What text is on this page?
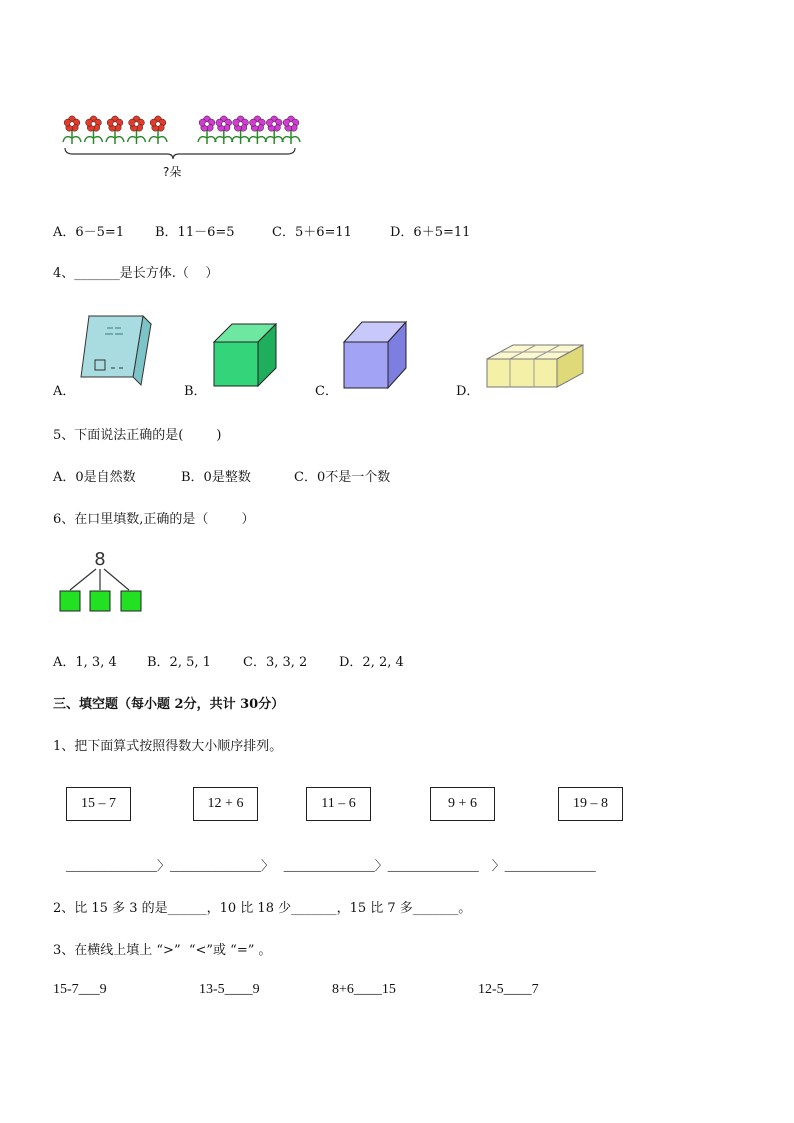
?朵
A．6－5=1 B．11－6=5	C．5＋6=11	D．6＋5=11
4、_______是长方体.（    ）
A．	B．	C．	D．
5、下面说法正确的是(        )
A．0是自然数	B．0是整数	C．0不是一个数
6、在口里填数,正确的是（        ）
8
A．1, 3, 4 B．2, 5, 1 C．3, 3, 2 D．2, 2, 4
三、填空题（每小题 2分，共计 30分）
1、把下面算式按照得数大小顺序排列。
15 – 7	12 + 6	11 – 6	9 + 6	19 – 8
______________〉______________〉   ______________〉______________    〉______________
2、比 15 多 3 的是______，10 比 18 少_______，15 比 7 多_______。
3、在横线上填上 “>”  “<”或 “=” 。
15-7___9	13-5____9	8+6____15	12-5____7
